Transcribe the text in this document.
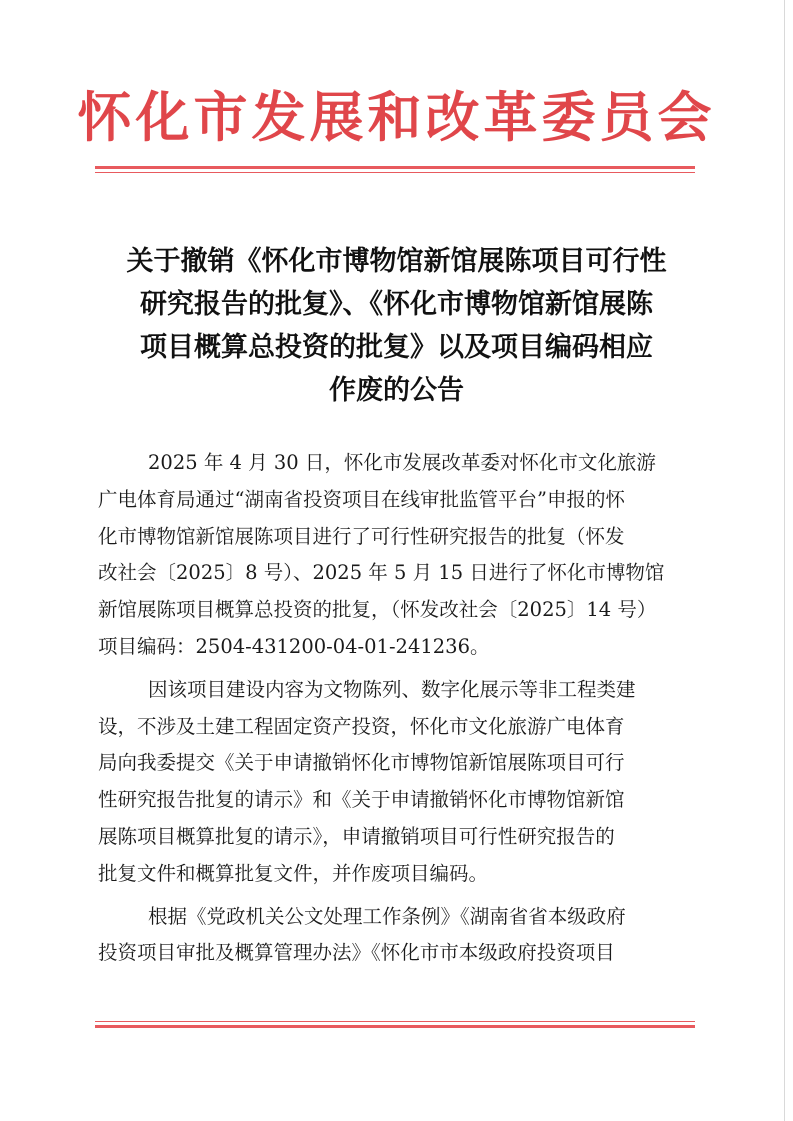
怀化市发展和改革委员会
关于撤销《怀化市博物馆新馆展陈项目可行性
研究报告的批复》、《怀化市博物馆新馆展陈
项目概算总投资的批复》以及项目编码相应
作废的公告
2025 年 4 月 30 日，怀化市发展改革委对怀化市文化旅游
广电体育局通过“湖南省投资项目在线审批监管平台”申报的怀
化市博物馆新馆展陈项目进行了可行性研究报告的批复（怀发
改社会〔2025〕8 号）、2025 年 5 月 15 日进行了怀化市博物馆
新馆展陈项目概算总投资的批复，（怀发改社会〔2025〕14 号）
项目编码：2504-431200-04-01-241236。
因该项目建设内容为文物陈列、数字化展示等非工程类建
设，不涉及土建工程固定资产投资，怀化市文化旅游广电体育
局向我委提交《关于申请撤销怀化市博物馆新馆展陈项目可行
性研究报告批复的请示》和《关于申请撤销怀化市博物馆新馆
展陈项目概算批复的请示》，申请撤销项目可行性研究报告的
批复文件和概算批复文件，并作废项目编码。
根据《党政机关公文处理工作条例》《湖南省省本级政府
投资项目审批及概算管理办法》《怀化市市本级政府投资项目
